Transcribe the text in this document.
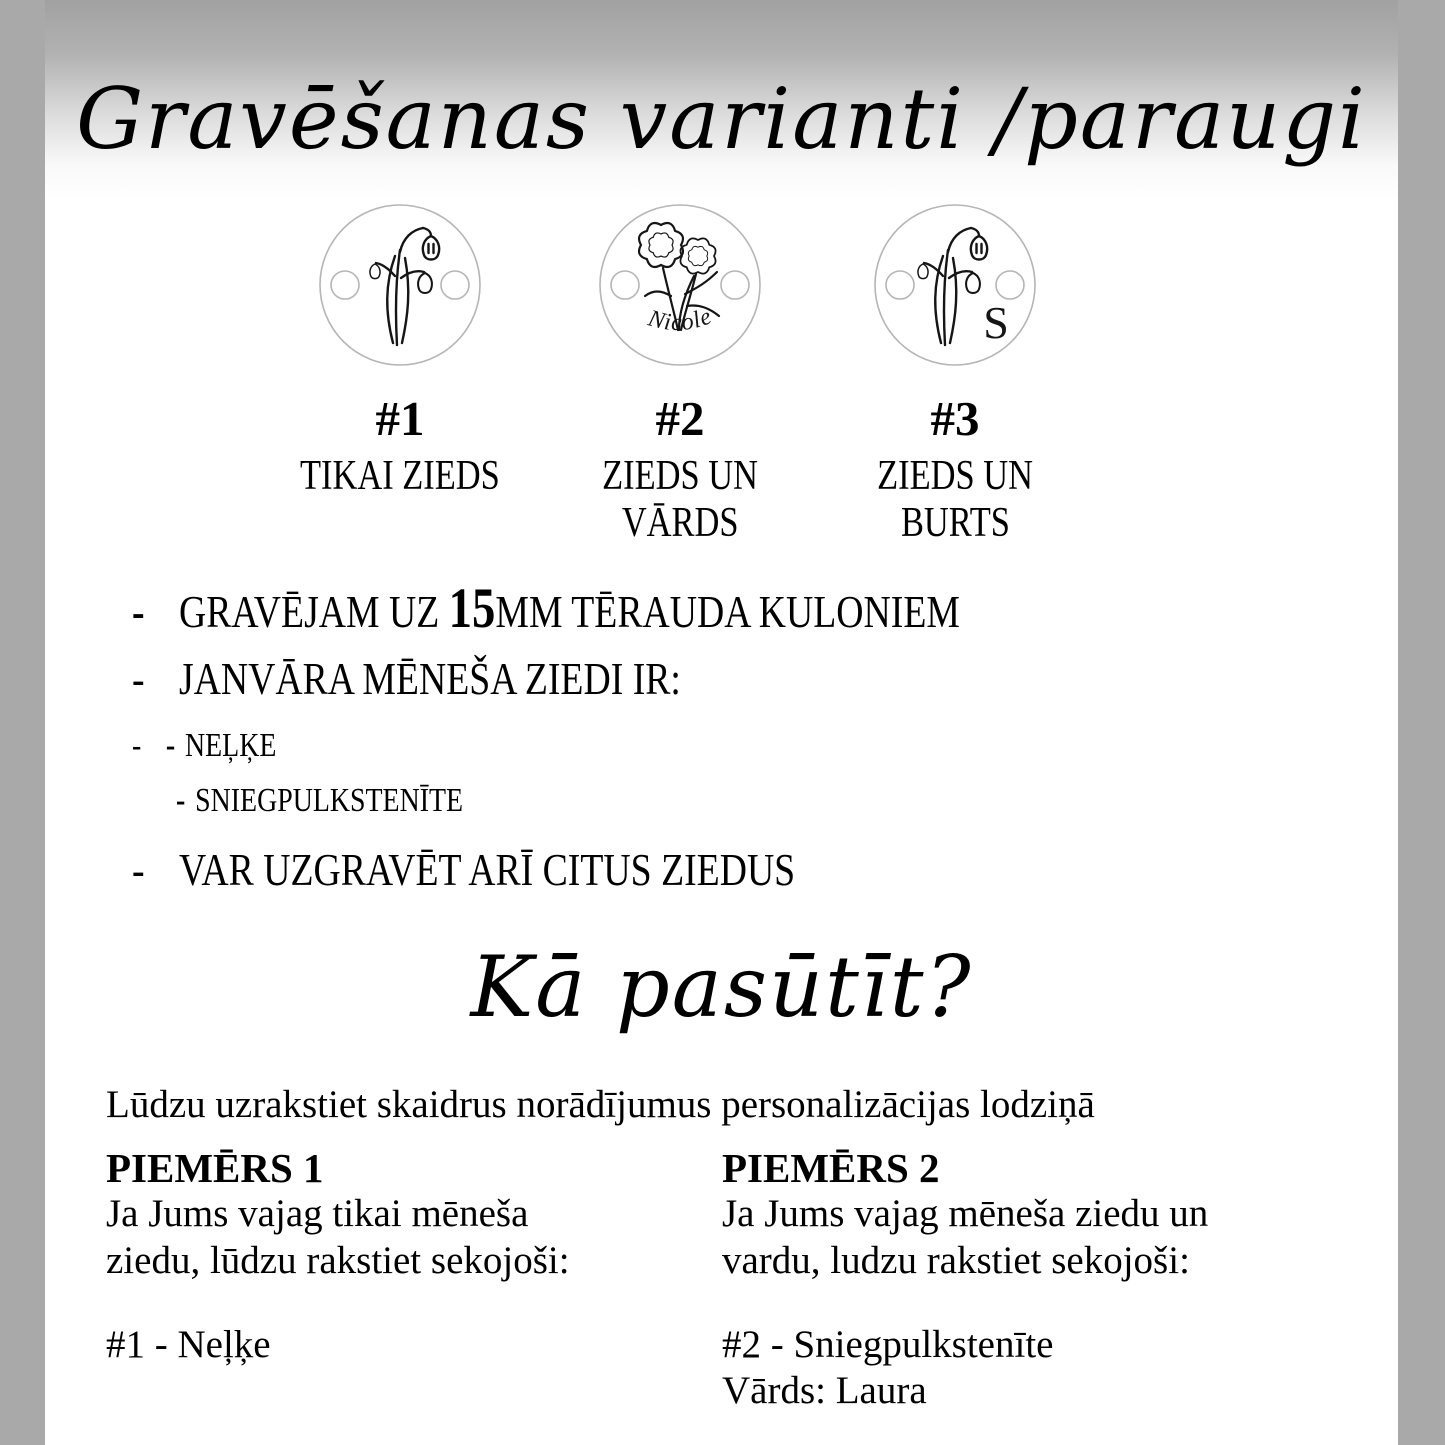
Gravēšanas varianti /paraugi
#1
TIKAI ZIEDS
Nicole
#2
ZIEDS UN
VĀRDS
S
#3
ZIEDS UN
BURTS
- GRAVĒJAM UZ 15MM TĒRAUDA KULONIEM
- JANVĀRA MĒNEŠA ZIEDI IR:
- - NEĻĶE
- SNIEGPULKSTENĪTE
- VAR UZGRAVĒT ARĪ CITUS ZIEDUS
Kā pasūtīt?
Lūdzu uzrakstiet skaidrus norādījumus personalizācijas lodziņā
PIEMĒRS 1
Ja Jums vajag tikai mēneša
ziedu, lūdzu rakstiet sekojoši:
#1 - Neļķe
PIEMĒRS 2
Ja Jums vajag mēneša ziedu un
vardu, ludzu rakstiet sekojoši:
#2 - Sniegpulkstenīte
Vārds: Laura
